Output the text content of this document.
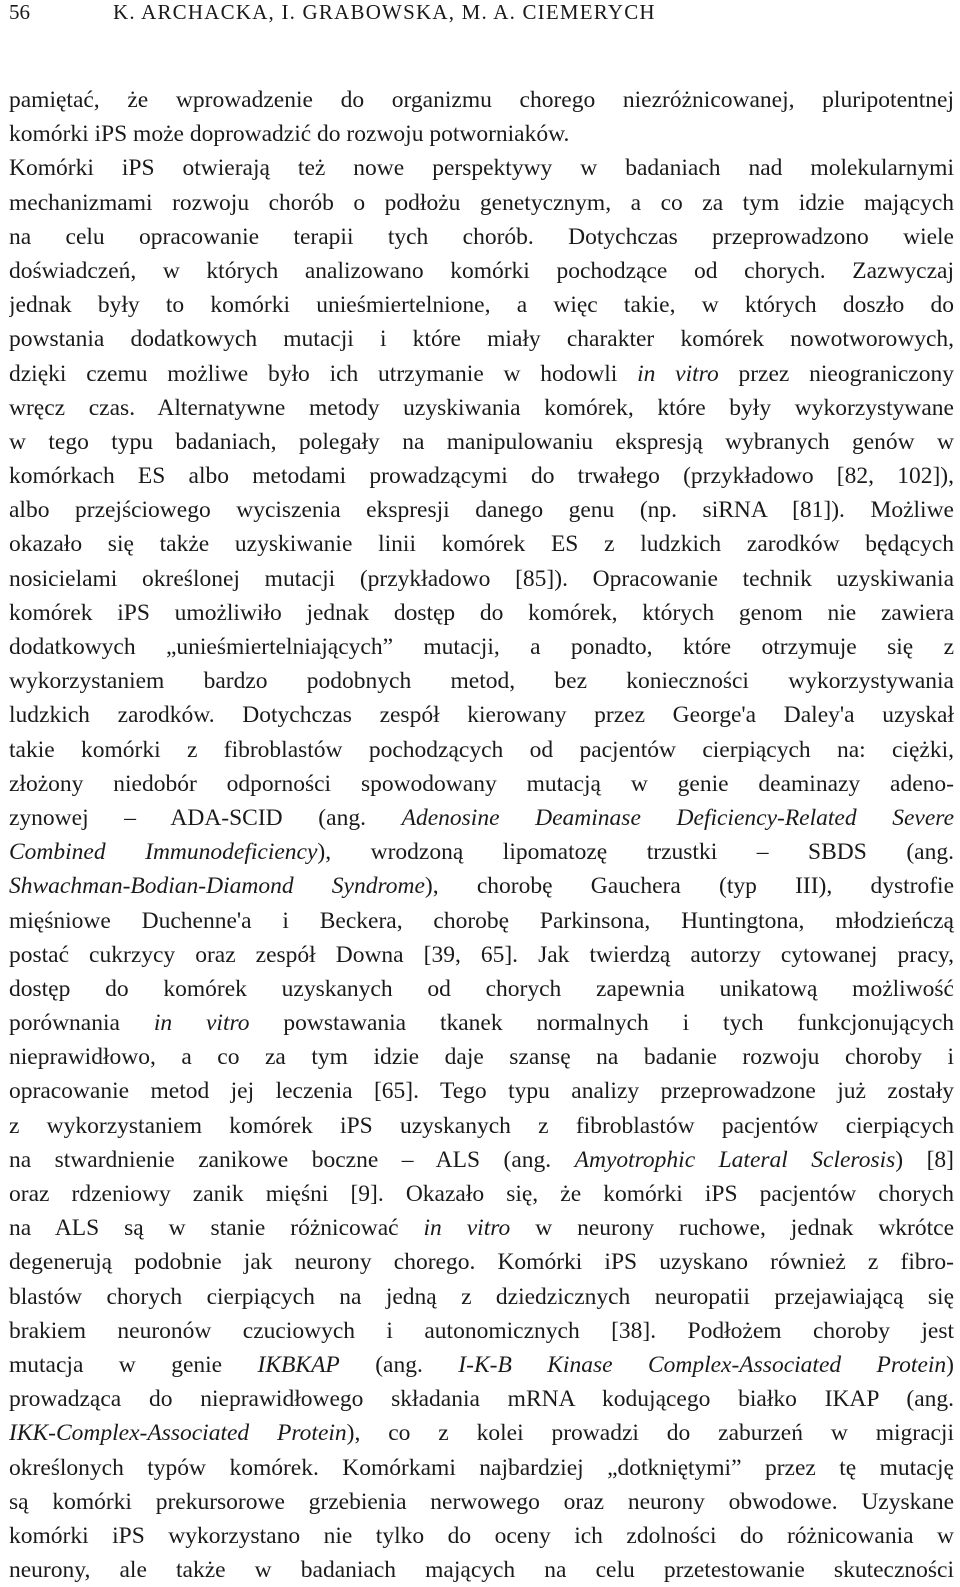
56	K. ARCHACKA, I. GRABOWSKA, M. A. CIEMERYCH
pamiętać, że wprowadzenie do organizmu chorego niezróżnicowanej, pluripotentnej
komórki iPS może doprowadzić do rozwoju potworniaków.
Komórki iPS otwierają też nowe perspektywy w badaniach nad molekularnymi
mechanizmami rozwoju chorób o podłożu genetycznym, a co za tym idzie mających
na celu opracowanie terapii tych chorób. Dotychczas przeprowadzono wiele
doświadczeń, w których analizowano komórki pochodzące od chorych. Zazwyczaj
jednak były to komórki unieśmiertelnione, a więc takie, w których doszło do
powstania dodatkowych mutacji i które miały charakter komórek nowotworowych,
dzięki czemu możliwe było ich utrzymanie w hodowli in vitro przez nieograniczony
wręcz czas. Alternatywne metody uzyskiwania komórek, które były wykorzystywane
w tego typu badaniach, polegały na manipulowaniu ekspresją wybranych genów w
komórkach ES albo metodami prowadzącymi do trwałego (przykładowo [82, 102]),
albo przejściowego wyciszenia ekspresji danego genu (np. siRNA [81]). Możliwe
okazało się także uzyskiwanie linii komórek ES z ludzkich zarodków będących
nosicielami określonej mutacji (przykładowo [85]). Opracowanie technik uzyskiwania
komórek iPS umożliwiło jednak dostęp do komórek, których genom nie zawiera
dodatkowych „unieśmiertelniających” mutacji, a ponadto, które otrzymuje się z
wykorzystaniem bardzo podobnych metod, bez konieczności wykorzystywania
ludzkich zarodków. Dotychczas zespół kierowany przez George'a Daley'a uzyskał
takie komórki z fibroblastów pochodzących od pacjentów cierpiących na: ciężki,
złożony niedobór odporności spowodowany mutacją w genie deaminazy adeno-
zynowej – ADA-SCID (ang. Adenosine Deaminase Deficiency-Related Severe
Combined Immunodeficiency), wrodzoną lipomatozę trzustki – SBDS (ang.
Shwachman-Bodian-Diamond Syndrome), chorobę Gauchera (typ III), dystrofie
mięśniowe Duchenne'a i Beckera, chorobę Parkinsona, Huntingtona, młodzieńczą
postać cukrzycy oraz zespół Downa [39, 65]. Jak twierdzą autorzy cytowanej pracy,
dostęp do komórek uzyskanych od chorych zapewnia unikatową możliwość
porównania in vitro powstawania tkanek normalnych i tych funkcjonujących
nieprawidłowo, a co za tym idzie daje szansę na badanie rozwoju choroby i
opracowanie metod jej leczenia [65]. Tego typu analizy przeprowadzone już zostały
z wykorzystaniem komórek iPS uzyskanych z fibroblastów pacjentów cierpiących
na stwardnienie zanikowe boczne – ALS (ang. Amyotrophic Lateral Sclerosis) [8]
oraz rdzeniowy zanik mięśni [9]. Okazało się, że komórki iPS pacjentów chorych
na ALS są w stanie różnicować in vitro w neurony ruchowe, jednak wkrótce
degenerują podobnie jak neurony chorego. Komórki iPS uzyskano również z fibro-
blastów chorych cierpiących na jedną z dziedzicznych neuropatii przejawiającą się
brakiem neuronów czuciowych i autonomicznych [38]. Podłożem choroby jest
mutacja w genie IKBKAP (ang. I-K-B Kinase Complex-Associated Protein)
prowadząca do nieprawidłowego składania mRNA kodującego białko IKAP (ang.
IKK-Complex-Associated Protein), co z kolei prowadzi do zaburzeń w migracji
określonych typów komórek. Komórkami najbardziej „dotkniętymi” przez tę mutację
są komórki prekursorowe grzebienia nerwowego oraz neurony obwodowe. Uzyskane
komórki iPS wykorzystano nie tylko do oceny ich zdolności do różnicowania w
neurony, ale także w badaniach mających na celu przetestowanie skuteczności
